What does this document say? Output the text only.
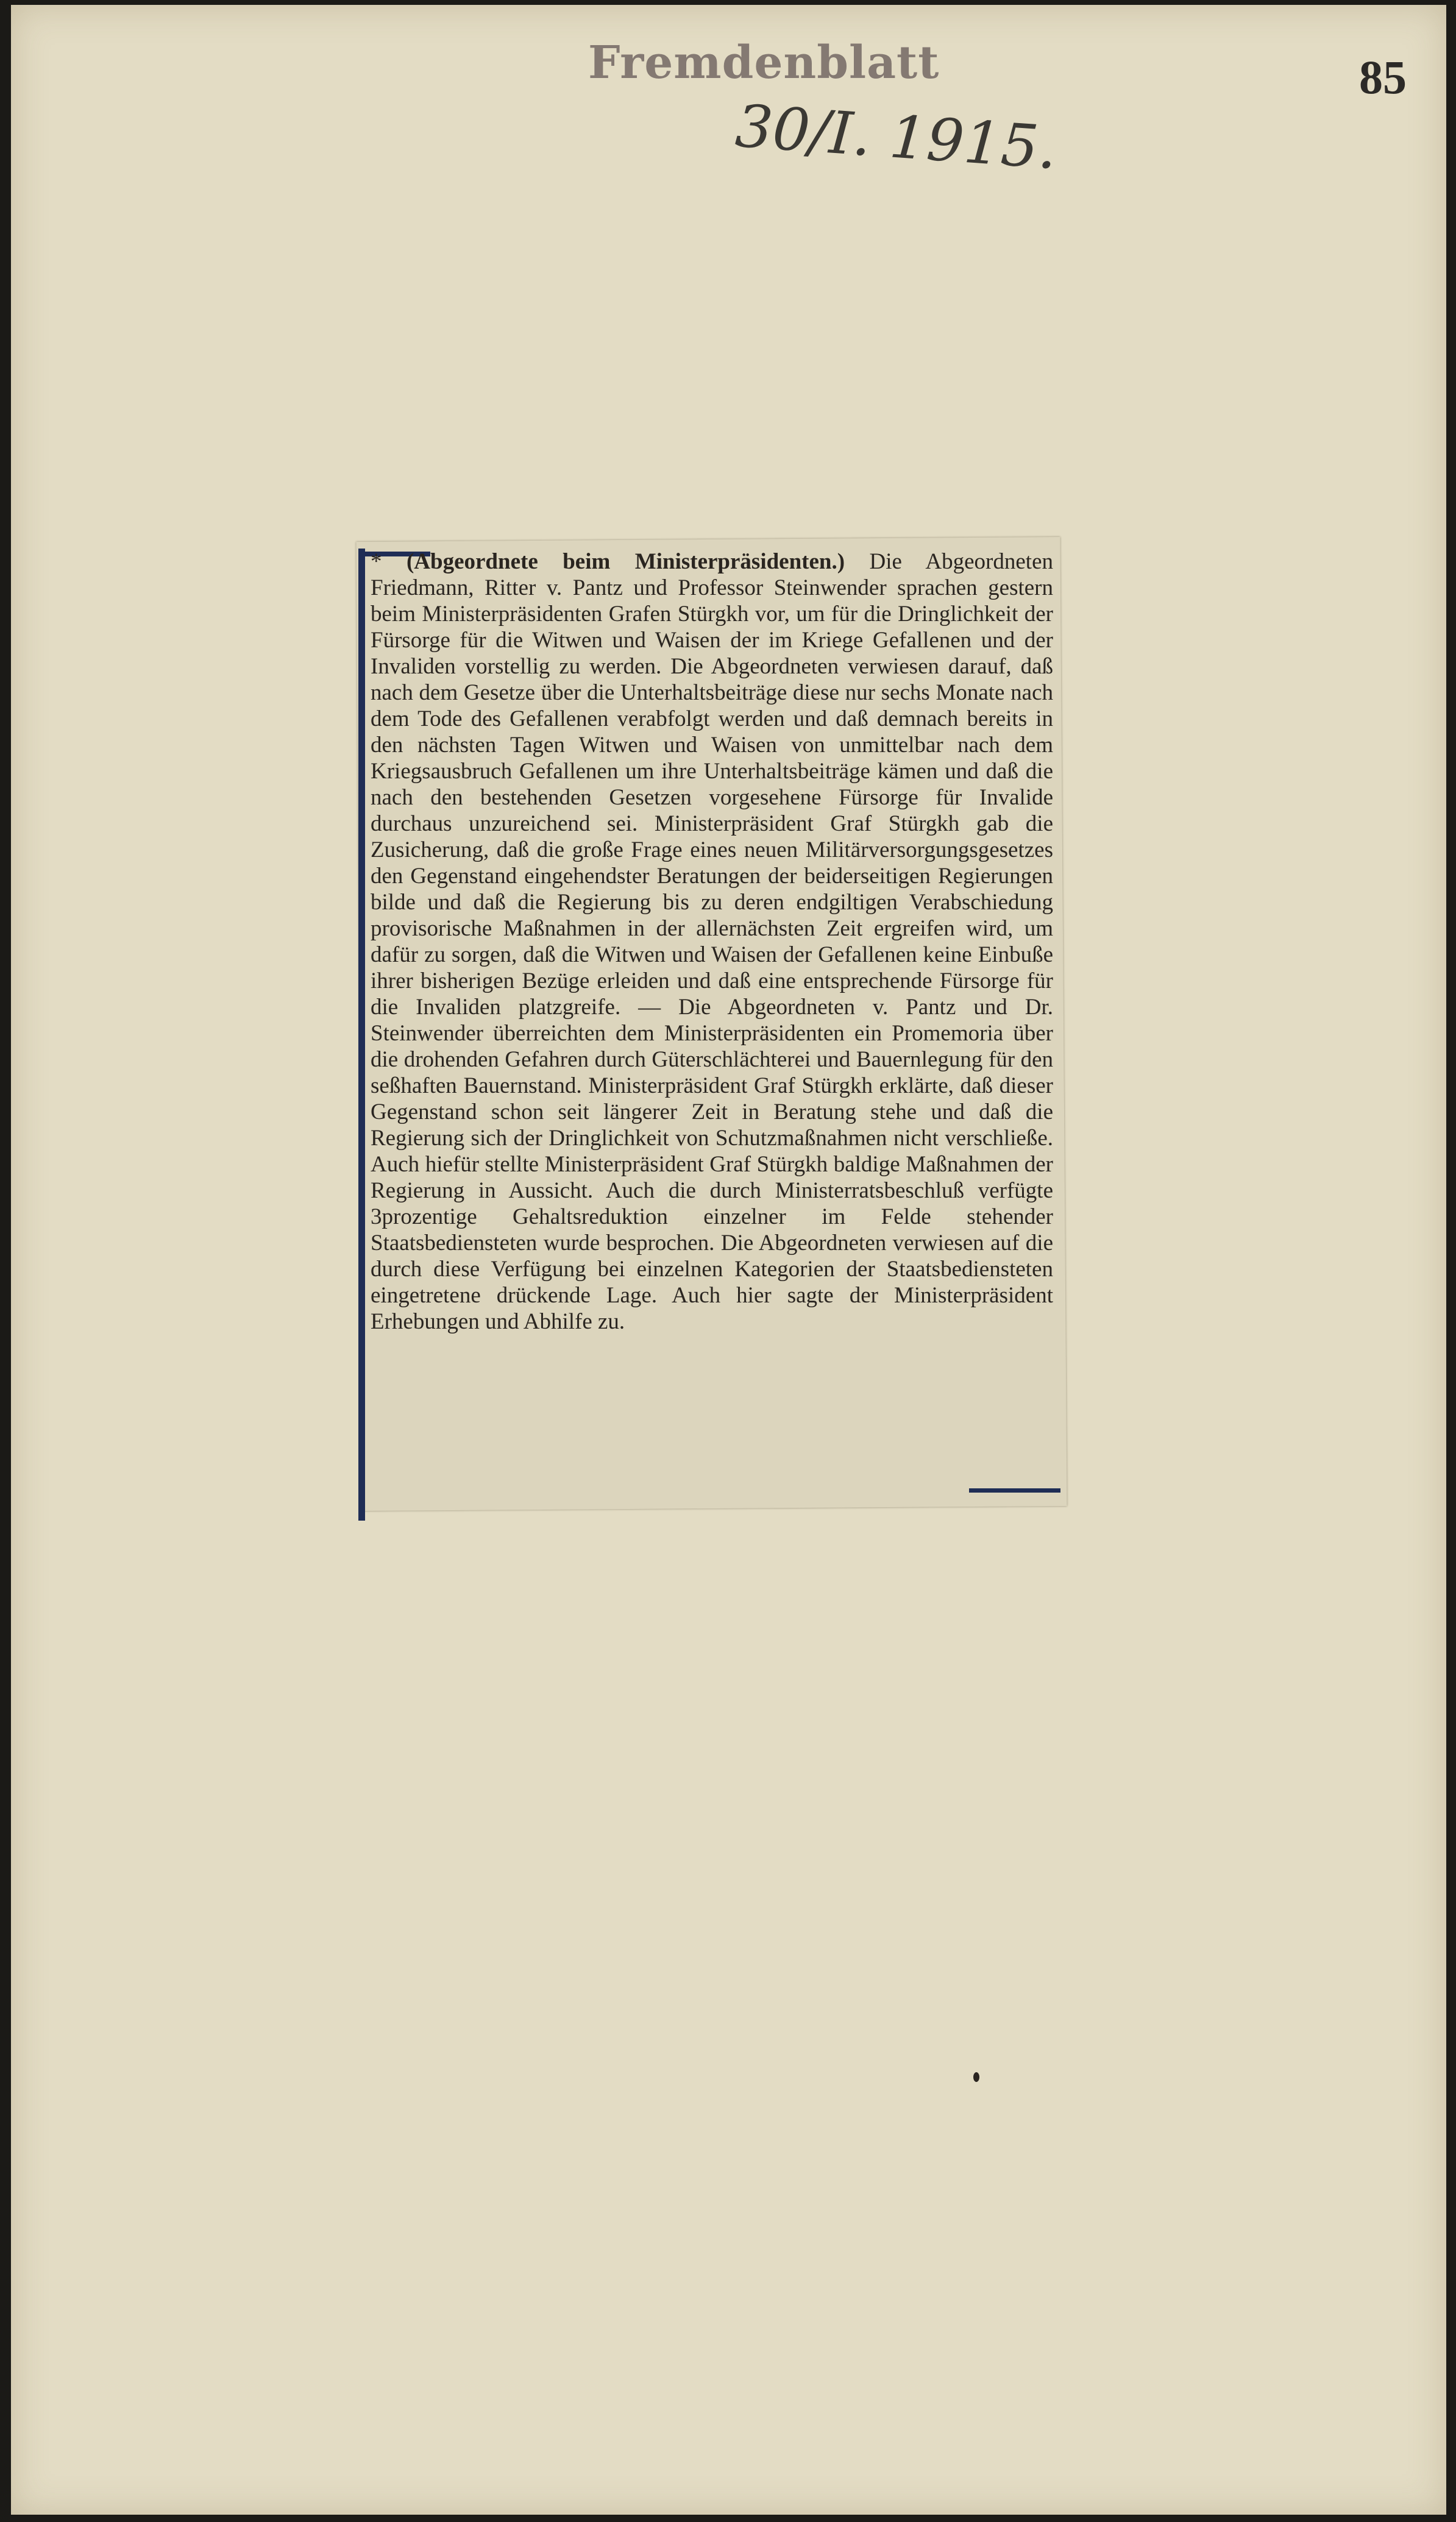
Fremdenblatt	85
30/I. 1915.

* (Abgeordnete beim Ministerpräsidenten.) Die Abgeordneten Friedmann, Ritter v. Pantz und Professor Steinwender sprachen gestern beim Ministerpräsidenten Grafen Stürgkh vor, um für die Dringlichkeit der Fürsorge für die Witwen und Waisen der im Kriege Gefallenen und der Invaliden vorstellig zu werden. Die Abgeordneten verwiesen darauf, daß nach dem Gesetze über die Unterhaltsbeiträge diese nur sechs Monate nach dem Tode des Gefallenen verabfolgt werden und daß demnach bereits in den nächsten Tagen Witwen und Waisen von unmittelbar nach dem Kriegsausbruch Gefallenen um ihre Unterhaltsbeiträge kämen und daß die nach den bestehenden Gesetzen vorgesehene Fürsorge für Invalide durchaus unzureichend sei. Ministerpräsident Graf Stürgkh gab die Zusicherung, daß die große Frage eines neuen Militärversorgungsgesetzes den Gegenstand eingehendster Beratungen der beiderseitigen Regierungen bilde und daß die Regierung bis zu deren endgiltigen Verabschiedung provisorische Maßnahmen in der allernächsten Zeit ergreifen wird, um dafür zu sorgen, daß die Witwen und Waisen der Gefallenen keine Einbuße ihrer bisherigen Bezüge erleiden und daß eine entsprechende Fürsorge für die Invaliden platzgreife. — Die Abgeordneten v. Pantz und Dr. Steinwender überreichten dem Ministerpräsidenten ein Promemoria über die drohenden Gefahren durch Güterschlächterei und Bauernlegung für den seßhaften Bauernstand. Ministerpräsident Graf Stürgkh erklärte, daß dieser Gegenstand schon seit längerer Zeit in Beratung stehe und daß die Regierung sich der Dringlichkeit von Schutzmaßnahmen nicht verschließe. Auch hiefür stellte Ministerpräsident Graf Stürgkh baldige Maßnahmen der Regierung in Aussicht. Auch die durch Ministerratsbeschluß verfügte 3prozentige Gehaltsreduktion einzelner im Felde stehender Staatsbediensteten wurde besprochen. Die Abgeordneten verwiesen auf die durch diese Verfügung bei einzelnen Kategorien der Staatsbediensteten eingetretene drückende Lage. Auch hier sagte der Ministerpräsident Erhebungen und Abhilfe zu.
